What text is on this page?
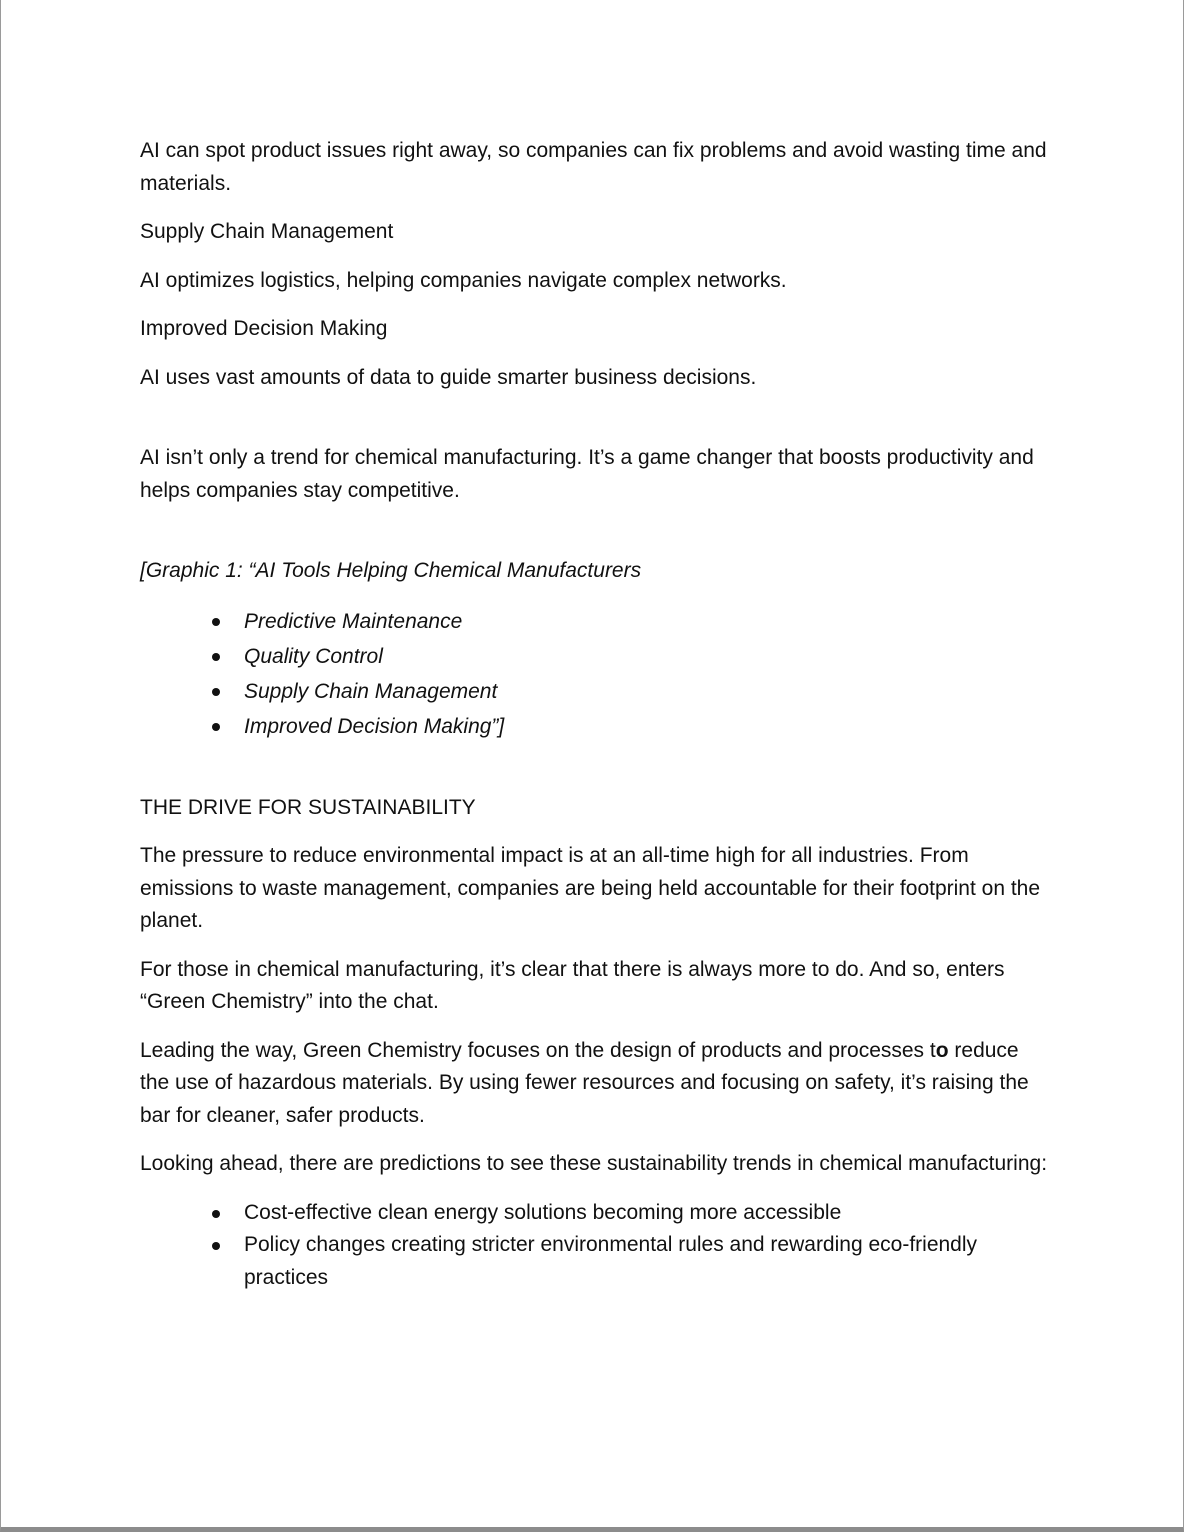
AI can spot product issues right away, so companies can fix problems and avoid wasting time and materials.

Supply Chain Management

AI optimizes logistics, helping companies navigate complex networks.

Improved Decision Making

AI uses vast amounts of data to guide smarter business decisions.

AI isn’t only a trend for chemical manufacturing. It’s a game changer that boosts productivity and helps companies stay competitive.

[Graphic 1: “AI Tools Helping Chemical Manufacturers

Predictive Maintenance
Quality Control
Supply Chain Management
Improved Decision Making”]

THE DRIVE FOR SUSTAINABILITY

The pressure to reduce environmental impact is at an all-time high for all industries. From emissions to waste management, companies are being held accountable for their footprint on the planet.

For those in chemical manufacturing, it’s clear that there is always more to do. And so, enters “Green Chemistry” into the chat.

Leading the way, Green Chemistry focuses on the design of products and processes to reduce the use of hazardous materials. By using fewer resources and focusing on safety, it’s raising the bar for cleaner, safer products.

Looking ahead, there are predictions to see these sustainability trends in chemical manufacturing:

Cost-effective clean energy solutions becoming more accessible
Policy changes creating stricter environmental rules and rewarding eco-friendly practices
